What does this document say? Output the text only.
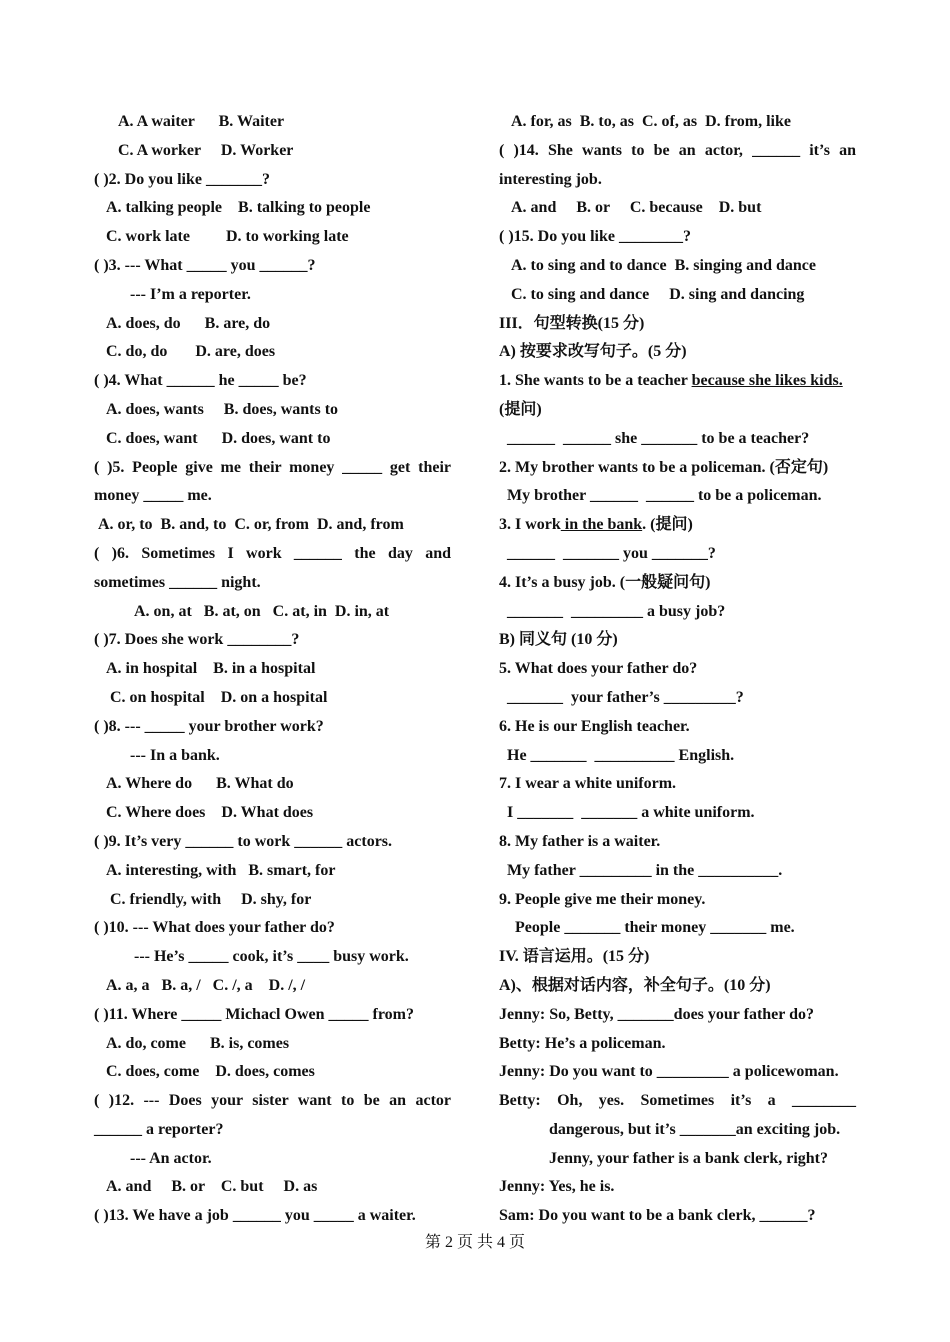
A. A waiter      B. Waiter
C. A worker     D. Worker
( )2. Do you like _______?
A. talking people    B. talking to people
C. work late         D. to working late
( )3. --- What _____ you ______?
--- I’m a reporter.
A. does, do      B. are, do
C. do, do       D. are, does
( )4. What ______ he _____ be?
A. does, wants     B. does, wants to
C. does, want      D. does, want to
( )5. People give me their money _____ get their
money _____ me.
A. or, to  B. and, to  C. or, from  D. and, from
( )6. Sometimes I work ______ the day and
sometimes ______ night.
A. on, at   B. at, on   C. at, in  D. in, at
( )7. Does she work ________?
A. in hospital    B. in a hospital
C. on hospital    D. on a hospital
( )8. --- _____ your brother work?
--- In a bank.
A. Where do      B. What do
C. Where does    D. What does
( )9. It’s very ______ to work ______ actors.
A. interesting, with   B. smart, for
C. friendly, with     D. shy, for
( )10. --- What does your father do?
--- He’s _____ cook, it’s ____ busy work.
A. a, a   B. a, /   C. /, a    D. /, /
( )11. Where _____ Michacl Owen _____ from?
A. do, come      B. is, comes
C. does, come    D. does, comes
( )12. --- Does your sister want to be an actor
______ a reporter?
--- An actor.
A. and     B. or    C. but     D. as
( )13. We have a job ______ you _____ a waiter.
A. for, as  B. to, as  C. of, as  D. from, like
( )14. She wants to be an actor, ______ it’s an
interesting job.
A. and     B. or     C. because    D. but
( )15. Do you like ________?
A. to sing and to dance  B. singing and dance
C. to sing and dance     D. sing and dancing
III．句型转换(15 分)
A) 按要求改写句子。(5 分)
1. She wants to be a teacher because she likes kids.
(提问)
______  ______ she _______ to be a teacher?
2. My brother wants to be a policeman. (否定句)
My brother ______  ______ to be a policeman.
3. I work in the bank. (提问)
______  _______ you _______?
4. It’s a busy job. (一般疑问句)
_______  _________ a busy job?
B) 同义句 (10 分)
5. What does your father do?
_______  your father’s _________?
6. He is our English teacher.
He _______  __________ English.
7. I wear a white uniform.
I _______  _______ a white uniform.
8. My father is a waiter.
My father _________ in the __________.
9. People give me their money.
People _______ their money _______ me.
IV. 语言运用。(15 分)
A)、根据对话内容，补全句子。(10 分)
Jenny: So, Betty, _______does your father do?
Betty: He’s a policeman.
Jenny: Do you want to _________ a policewoman.
Betty: Oh, yes. Sometimes it’s a ________
dangerous, but it’s _______an exciting job.
Jenny, your father is a bank clerk, right?
Jenny: Yes, he is.
Sam: Do you want to be a bank clerk, ______?
第 2 页 共 4 页
